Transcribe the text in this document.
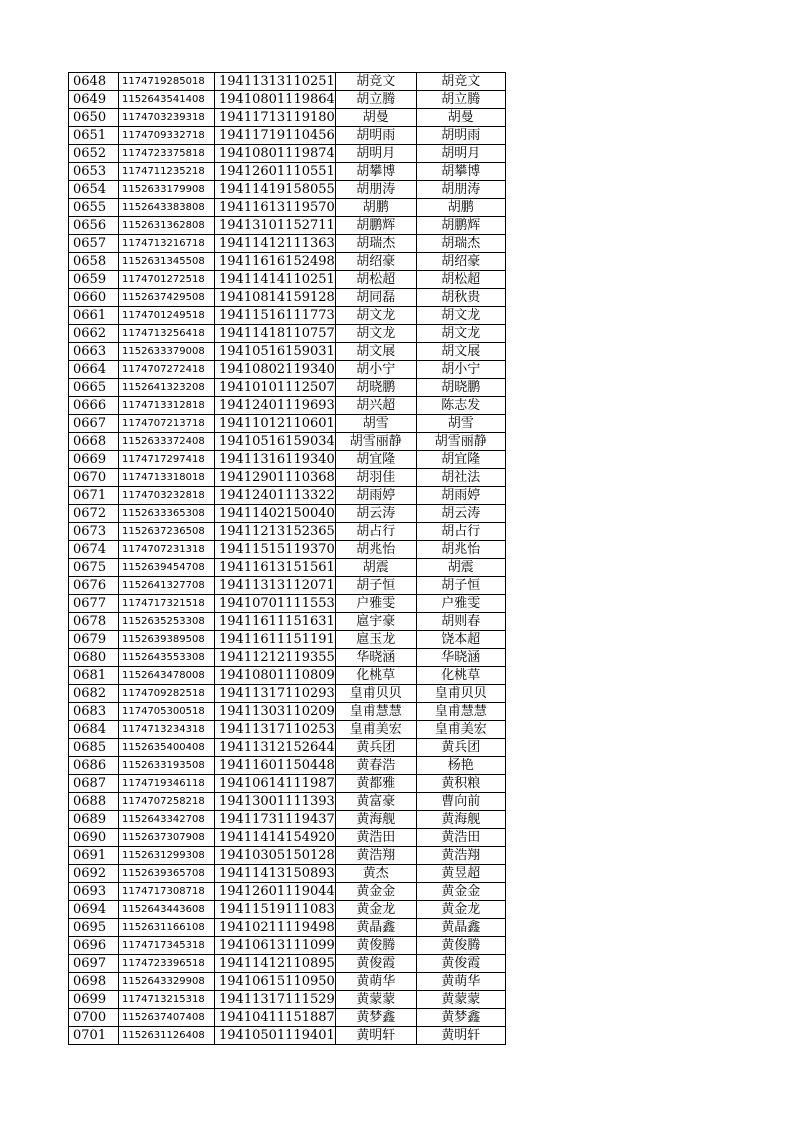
0648	1174719285018	19411313110251	胡竞文	胡竞文
0649	1152643541408	19410801119864	胡立腾	胡立腾
0650	1174703239318	19411713119180	胡曼	胡曼
0651	1174709332718	19411719110456	胡明雨	胡明雨
0652	1174723375818	19410801119874	胡明月	胡明月
0653	1174711235218	19412601110551	胡攀博	胡攀博
0654	1152633179908	19411419158055	胡朋涛	胡朋涛
0655	1152643383808	19411613119570	胡鹏	胡鹏
0656	1152631362808	19413101152711	胡鹏辉	胡鹏辉
0657	1174713216718	19411412111363	胡瑞杰	胡瑞杰
0658	1152631345508	19411616152498	胡绍豪	胡绍豪
0659	1174701272518	19411414110251	胡松超	胡松超
0660	1152637429508	19410814159128	胡同磊	胡秋贵
0661	1174701249518	19411516111773	胡文龙	胡文龙
0662	1174713256418	19411418110757	胡文龙	胡文龙
0663	1152633379008	19410516159031	胡文展	胡文展
0664	1174707272418	19410802119340	胡小宁	胡小宁
0665	1152641323208	19410101112507	胡晓鹏	胡晓鹏
0666	1174713312818	19412401119693	胡兴超	陈志发
0667	1174707213718	19411012110601	胡雪	胡雪
0668	1152633372408	19410516159034	胡雪丽静	胡雪丽静
0669	1174717297418	19411316119340	胡宜隆	胡宜隆
0670	1174713318018	19412901110368	胡羽佳	胡社法
0671	1174703232818	19412401113322	胡雨婷	胡雨婷
0672	1152633365308	19411402150040	胡云涛	胡云涛
0673	1152637236508	19411213152365	胡占行	胡占行
0674	1174707231318	19411515119370	胡兆怡	胡兆怡
0675	1152639454708	19411613151561	胡震	胡震
0676	1152641327708	19411313112071	胡子恒	胡子恒
0677	1174717321518	19410701111553	户雅雯	户雅雯
0678	1152635253308	19411611151631	扈宇豪	胡则春
0679	1152639389508	19411611151191	扈玉龙	饶本超
0680	1152643553308	19411212119355	华晓涵	华晓涵
0681	1152643478008	19410801110809	化桃草	化桃草
0682	1174709282518	19411317110293	皇甫贝贝	皇甫贝贝
0683	1174705300518	19411303110209	皇甫慧慧	皇甫慧慧
0684	1174713234318	19411317110253	皇甫美宏	皇甫美宏
0685	1152635400408	19411312152644	黄兵团	黄兵团
0686	1152633193508	19411601150448	黄春浩	杨艳
0687	1174719346118	19410614111987	黄都雅	黄积粮
0688	1174707258218	19413001111393	黄富豪	曹向前
0689	1152643342708	19411731119437	黄海舰	黄海舰
0690	1152637307908	19411414154920	黄浩田	黄浩田
0691	1152631299308	19410305150128	黄浩翔	黄浩翔
0692	1152639365708	19411413150893	黄杰	黄昱超
0693	1174717308718	19412601119044	黄金金	黄金金
0694	1152643443608	19411519111083	黄金龙	黄金龙
0695	1152631166108	19410211119498	黄晶鑫	黄晶鑫
0696	1174717345318	19410613111099	黄俊腾	黄俊腾
0697	1174723396518	19411412110895	黄俊霞	黄俊霞
0698	1152643329908	19410615110950	黄萌华	黄萌华
0699	1174713215318	19411317111529	黄蒙蒙	黄蒙蒙
0700	1152637407408	19410411151887	黄梦鑫	黄梦鑫
0701	1152631126408	19410501119401	黄明轩	黄明轩
